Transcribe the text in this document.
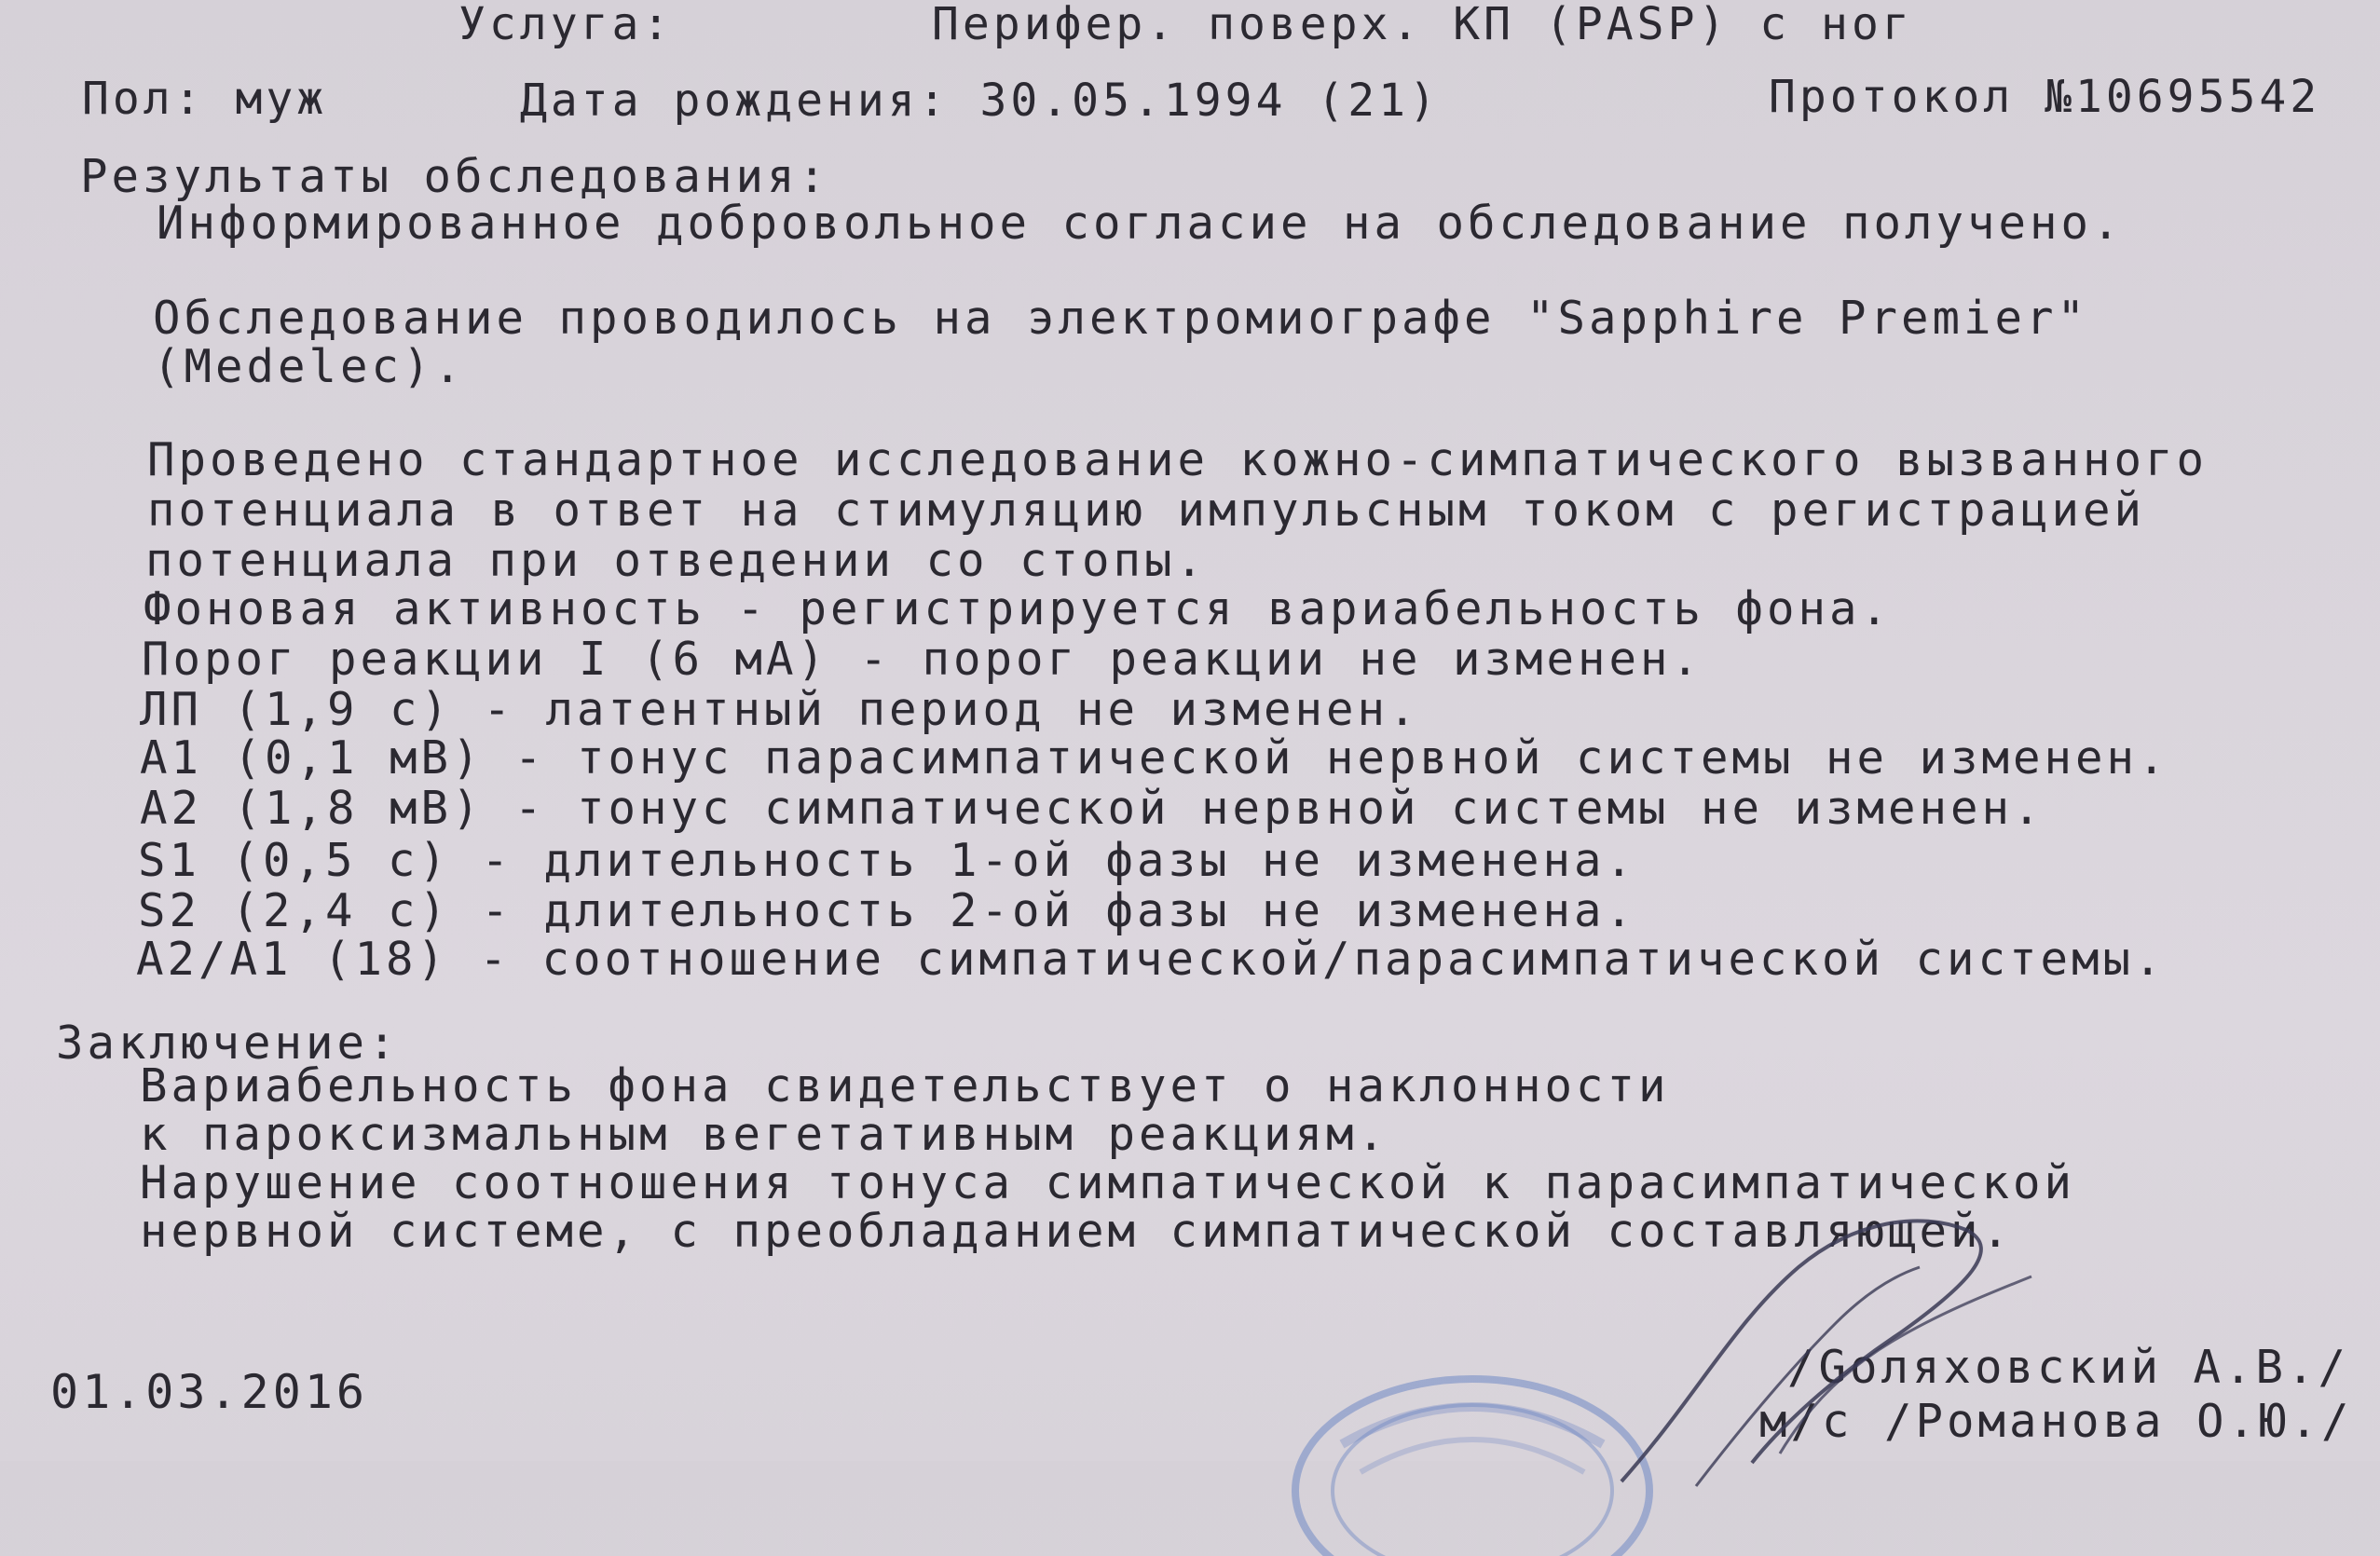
Услуга:	Перифер. поверх. КП (PASP) с ног
Пол: муж	Дата рождения: 30.05.1994 (21)	Протокол №10695542
Результаты обследования:
Информированное добровольное согласие на обследование получено.
Обследование проводилось на электромиографе "Sapphire Premier"
(Medelec).
Проведено стандартное исследование кожно-симпатического вызванного
потенциала в ответ на стимуляцию импульсным током с регистрацией
потенциала при отведении со стопы.
Фоновая активность - регистрируется вариабельность фона.
Порог реакции I (6 мА) - порог реакции не изменен.
ЛП (1,9 с) - латентный период не изменен.
А1 (0,1 мВ) - тонус парасимпатической нервной системы не изменен.
А2 (1,8 мВ) - тонус симпатической нервной системы не изменен.
S1 (0,5 с) - длительность 1-ой фазы не изменена.
S2 (2,4 с) - длительность 2-ой фазы не изменена.
А2/А1 (18) - соотношение симпатической/парасимпатической системы.
Заключение:
Вариабельность фона свидетельствует о наклонности
к пароксизмальным вегетативным реакциям.
Нарушение соотношения тонуса симпатической к парасимпатической
нервной системе, с преобладанием симпатической составляющей.
01.03.2016	/Goляховский А.В./
м/с /Романова О.Ю./
